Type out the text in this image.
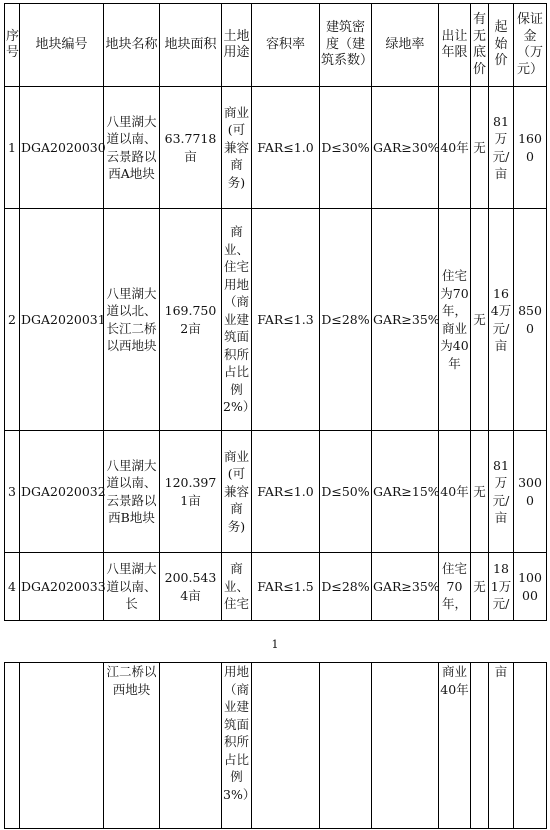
序号	地块编号	地块名称	地块面积	土地用途	容积率	建筑密度（建筑系数）	绿地率	出让年限	有无底价	起始价	保证金（万元）
1	DGA2020030	八里湖大道以南、云景路以西A地块	63.7718亩	商业(可兼容商务)	FAR≤1.0	D≤30%	GAR≥30%	40年	无	81万元/亩	1600
2	DGA2020031	八里湖大道以北、长江二桥以西地块	169.7502亩	商业、住宅用地（商业建筑面积所占比例2%）	FAR≤1.3	D≤28%	GAR≥35%	住宅为70年，商业为40年	无	164万元/亩	8500
3	DGA2020032	八里湖大道以南、云景路以西B地块	120.3971亩	商业(可兼容商务)	FAR≤1.0	D≤50%	GAR≥15%	40年	无	81万元/亩	3000
4	DGA2020033	八里湖大道以南、长	200.5434亩	商业、住宅	FAR≤1.5	D≤28%	GAR≥35%	住宅70年，	无	181万元/	10000
1
		江二桥以西地块		用地（商业建筑面积所占比例3%）				商业40年		亩	
